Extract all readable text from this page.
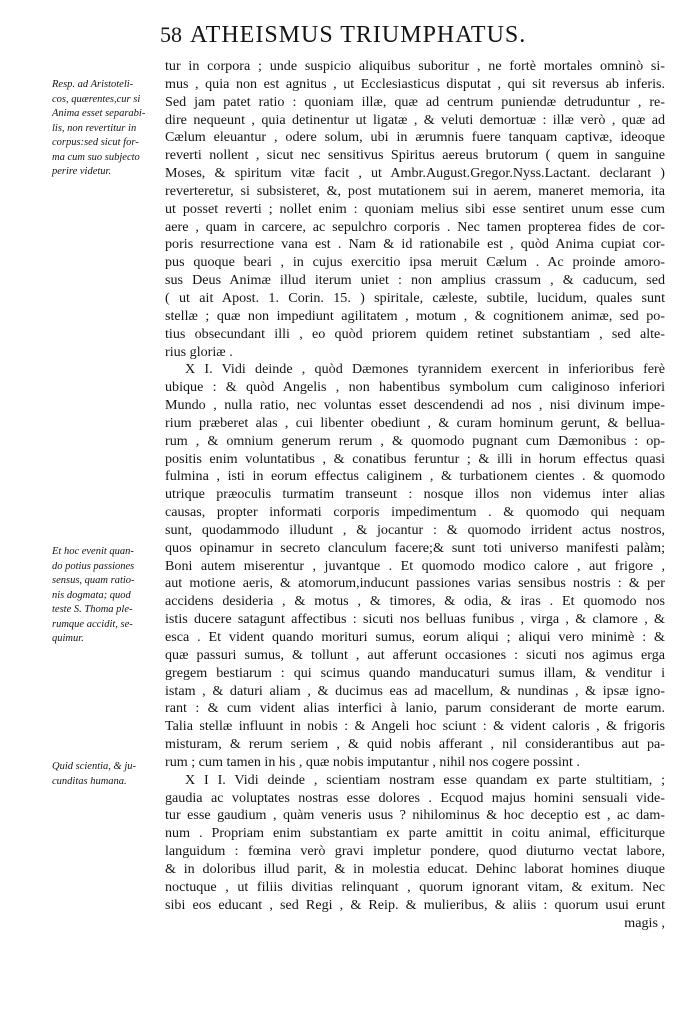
58 ATHEISMUS TRIUMPHATUS.
Resp. ad Aristoteli-
cos, quærentes,cur si
Anima esset separabi-
lis, non revertitur in
corpus:sed sicut for-
ma cum suo subjecto
perire videtur.
Et hoc evenit quan-
do potius passiones
sensus, quam ratio-
nis dogmata; quod
teste S. Thoma ple-
rumque accidit, se-
quimur.
Quid scientia, & ju-
cunditas humana.
tur in corpora ; unde suspicio aliquibus suboritur , ne fortè mortales omninò si-
mus , quia non est agnitus , ut Ecclesiasticus disputat , qui sit reversus ab inferis.
Sed jam patet ratio : quoniam illæ, quæ ad centrum puniendæ detruduntur , re-
dire nequeunt , quia detinentur ut ligatæ , & veluti demortuæ : illæ verò , quæ ad
Cælum eleuantur , odere solum, ubi in ærumnis fuere tanquam captivæ, ideoque
reverti nollent , sicut nec sensitivus Spiritus aereus brutorum ( quem in sanguine
Moses, & spiritum vitæ facit , ut Ambr.August.Gregor.Nyss.Lactant. declarant )
reverteretur, si subsisteret, &, post mutationem sui in aerem, maneret memoria, ita
ut posset reverti ; nollet enim : quoniam melius sibi esse sentiret unum esse cum
aere , quam in carcere, ac sepulchro corporis . Nec tamen propterea fides de cor-
poris resurrectione vana est . Nam & id rationabile est , quòd Anima cupiat cor-
pus quoque beari , in cujus exercitio ipsa meruit Cælum . Ac proinde amoro-
sus Deus Animæ illud iterum uniet : non amplius crassum , & caducum, sed
( ut ait Apost. 1. Corin. 15. ) spiritale, cæleste, subtile, lucidum, quales sunt
stellæ ; quæ non impediunt agilitatem , motum , & cognitionem animæ, sed po-
tius obsecundant illi , eo quòd priorem quidem retinet substantiam , sed alte-
rius gloriæ .
X I. Vidi deinde , quòd Dæmones tyrannidem exercent in inferioribus ferè
ubique : & quòd Angelis , non habentibus symbolum cum caliginoso inferiori
Mundo , nulla ratio, nec voluntas esset descendendi ad nos , nisi divinum impe-
rium præberet alas , cui libenter obediunt , & curam hominum gerunt, & bellua-
rum , & omnium generum rerum , & quomodo pugnant cum Dæmonibus : op-
positis enim voluntatibus , & conatibus feruntur ; & illi in horum effectus quasi
fulmina , isti in eorum effectus caliginem , & turbationem cientes . & quomodo
utrique præoculis turmatim transeunt : nosque illos non videmus inter alias
causas, propter informati corporis impedimentum . & quomodo qui nequam
sunt, quodammodo illudunt , & jocantur : & quomodo irrident actus nostros,
quos opinamur in secreto clanculum facere;& sunt toti universo manifesti palàm;
Boni autem miserentur , juvantque . Et quomodo modico calore , aut frigore ,
aut motione aeris, & atomorum,inducunt passiones varias sensibus nostris : & per
accidens desideria , & motus , & timores, & odia, & iras . Et quomodo nos
istis ducere satagunt affectibus : sicuti nos belluas funibus , virga , & clamore , &
esca . Et vident quando morituri sumus, eorum aliqui ; aliqui vero minimè : &
quæ passuri sumus, & tollunt , aut afferunt occasiones : sicuti nos agimus erga
gregem bestiarum : qui scimus quando manducaturi sumus illam, & venditur i
istam , & daturi aliam , & ducimus eas ad macellum, & nundinas , & ipsæ igno-
rant : & cum vident alias interfici à lanio, parum considerant de morte earum.
Talia stellæ influunt in nobis : & Angeli hoc sciunt : & vident caloris , & frigoris
misturam, & rerum seriem , & quid nobis afferant , nil considerantibus aut pa-
rum ; cum tamen in his , quæ nobis imputantur , nihil nos cogere possint .
X I I. Vidi deinde , scientiam nostram esse quandam ex parte stultitiam, ;
gaudia ac voluptates nostras esse dolores . Ecquod majus homini sensuali vide-
tur esse gaudium , quàm veneris usus ? nihilominus & hoc deceptio est , ac dam-
num . Propriam enim substantiam ex parte amittit in coitu animal, efficiturque
languidum : fœmina verò gravi impletur pondere, quod diuturno vectat labore,
& in doloribus illud parit, & in molestia educat. Dehinc laborat homines diuque
noctuque , ut filiis divitias relinquant , quorum ignorant vitam, & exitum. Nec
sibi eos educant , sed Regi , & Reip. & mulieribus, & aliis : quorum usui erunt
magis ,
